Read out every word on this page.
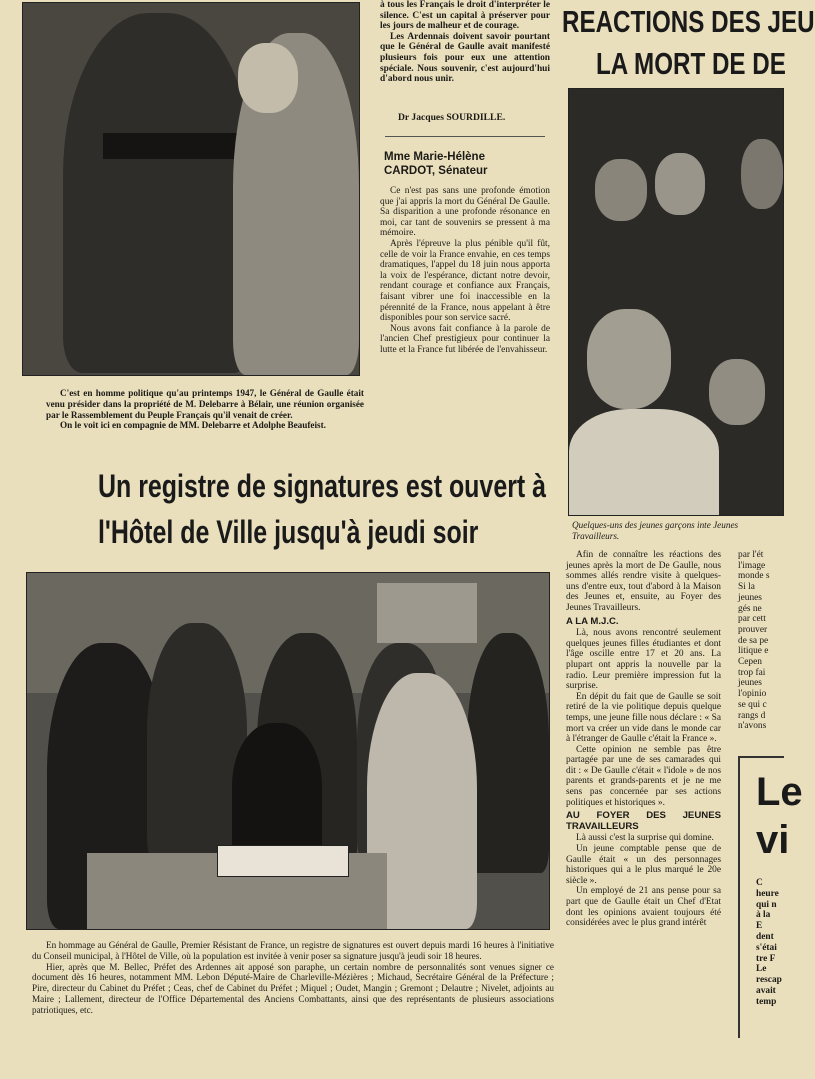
C'est en homme politique qu'au printemps 1947, le Général de Gaulle était venu présider dans la propriété de M. Delebarre à Bélair, une réunion organisée par le Rassemblement du Peuple Français qu'il venait de créer.

On le voit ici en compagnie de MM. Delebarre et Adolphe Beaufeist.

à tous les Français le droit d'interpréter le silence. C'est un capital à préserver pour les jours de malheur et de courage.

Les Ardennais doivent savoir pourtant que le Général de Gaulle avait manifesté plusieurs fois pour eux une attention spéciale. Nous souvenir, c'est aujourd'hui d'abord nous unir.

Dr Jacques SOURDILLE.
Mme Marie-Hélène CARDOT, Sénateur

Ce n'est pas sans une profonde émotion que j'ai appris la mort du Général De Gaulle. Sa disparition a une profonde résonance en moi, car tant de souvenirs se pressent à ma mémoire.

Après l'épreuve la plus pénible qu'il fût, celle de voir la France envahie, en ces temps dramatiques, l'appel du 18 juin nous apporta la voix de l'espérance, dictant notre devoir, rendant courage et confiance aux Français, faisant vibrer une foi inaccessible en la pérennité de la France, nous appelant à être disponibles pour son service sacré.

Nous avons fait confiance à la parole de l'ancien Chef prestigieux pour continuer la lutte et la France fut libérée de l'envahisseur.

REACTIONS DES JEU
LA MORT DE DE
Quelques-uns des jeunes garçons inte Jeunes Travailleurs.
Un registre de signatures est ouvert à
l'Hôtel de Ville jusqu'à jeudi soir

En hommage au Général de Gaulle, Premier Résistant de France, un registre de signatures est ouvert depuis mardi 16 heures à l'initiative du Conseil municipal, à l'Hôtel de Ville, où la population est invitée à venir poser sa signature jusqu'à jeudi soir 18 heures.

Hier, après que M. Bellec, Préfet des Ardennes ait apposé son paraphe, un certain nombre de personnalités sont venues signer ce document dès 16 heures, notamment MM. Lebon Député-Maire de Charleville-Mézières ; Michaud, Secrétaire Général de la Préfecture ; Pire, directeur du Cabinet du Préfet ; Ceas, chef de Cabinet du Préfet ; Miquel ; Oudet, Mangin ; Gremont ; Delautre ; Nivelet, adjoints au Maire ; Lallement, directeur de l'Office Départemental des Anciens Combattants, ainsi que des représentants de plusieurs associations patriotiques, etc.

Afin de connaître les réactions des jeunes après la mort de De Gaulle, nous sommes allés rendre visite à quelques-uns d'entre eux, tout d'abord à la Maison des Jeunes et, ensuite, au Foyer des Jeunes Travailleurs.

A LA M.J.C.

Là, nous avons rencontré seulement quelques jeunes filles étudiantes et dont l'âge oscille entre 17 et 20 ans. La plupart ont appris la nouvelle par la radio. Leur première impression fut la surprise.

En dépit du fait que de Gaulle se soit retiré de la vie politique depuis quelque temps, une jeune fille nous déclare : « Sa mort va créer un vide dans le monde car à l'étranger de Gaulle c'était la France ».

Cette opinion ne semble pas être partagée par une de ses camarades qui dit : « De Gaulle c'était « l'idole » de nos parents et grands-parents et je ne me sens pas concernée par ses actions politiques et historiques ».

AU FOYER DES JEUNES TRAVAILLEURS

Là aussi c'est la surprise qui domine.

Un jeune comptable pense que de Gaulle était « un des personnages historiques qui a le plus marqué le 20e siècle ».

Un employé de 21 ans pense pour sa part que de Gaulle était un Chef d'Etat dont les opinions avaient toujours été considérées avec le plus grand intérêt

par l'ét
l'image
monde s
Si la
jeunes
gés ne
par cett
prouver
de sa pe
litique e
Cepen
trop fai
jeunes
l'opinio
se qui c
rangs d
n'avons
Le
vi
C
heure
qui n
à la
E
dent
s'étai
tre F
Le
rescap
avait
temp
